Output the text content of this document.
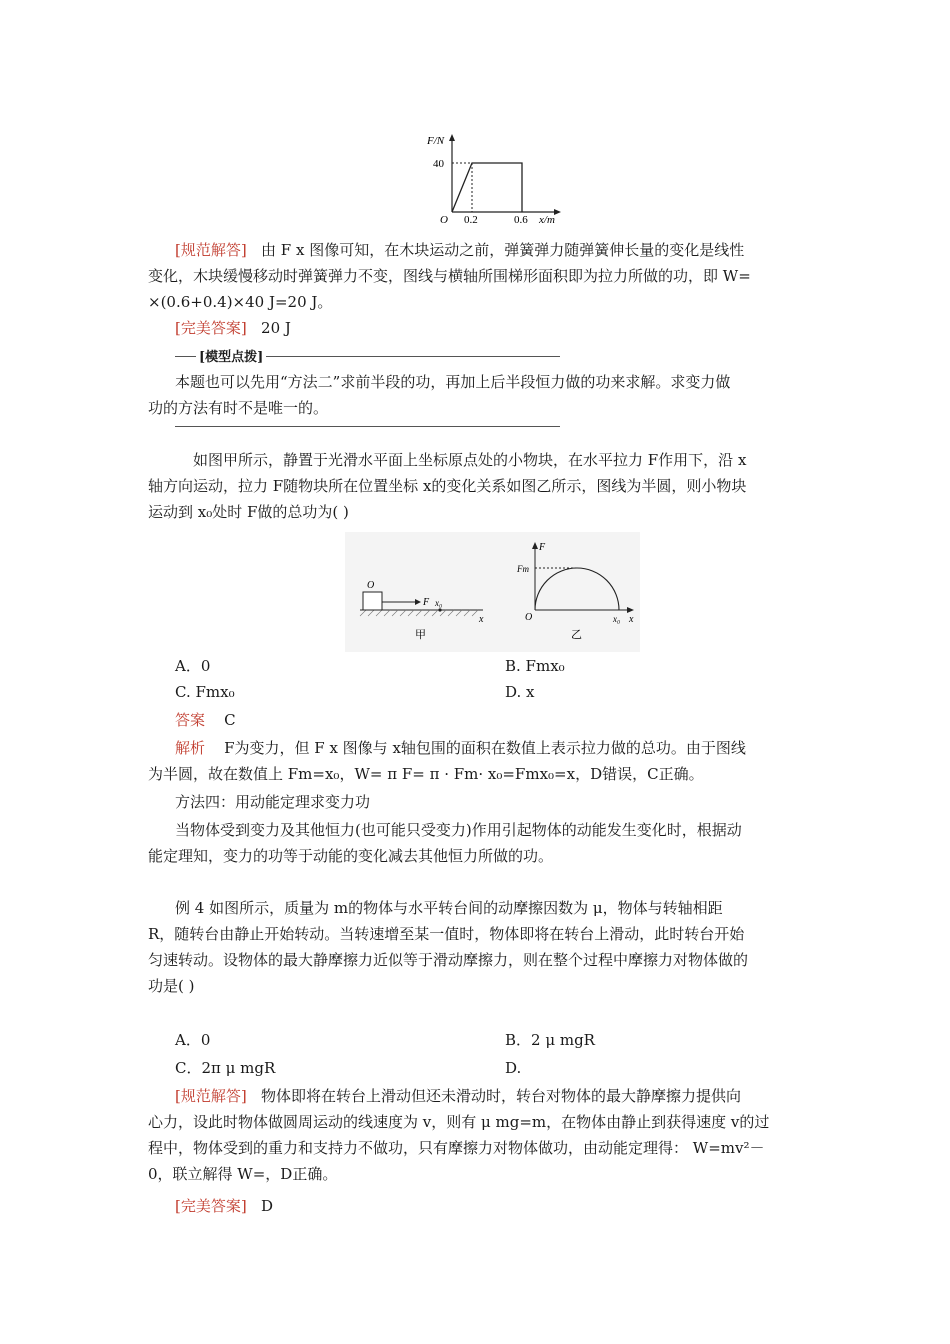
F/N
40
O 0.2	0.6 x/m
[规范解答] 由 F x 图像可知，在木块运动之前，弹簧弹力随弹簧伸长量的变化是线性
变化，木块缓慢移动时弹簧弹力不变，图线与横轴所围梯形面积即为拉力所做的功，即 W=
×(0.6+0.4)×40 J=20 J。
[完美答案] 20 J
[模型点拨]
本题也可以先用“方法二”求前半段的功，再加上后半段恒力做的功来求解。求变力做
功的方法有时不是唯一的。
如图甲所示，静置于光滑水平面上坐标原点处的小物块，在水平拉力 F作用下，沿 x
轴方向运动，拉力 F随物块所在位置坐标 x的变化关系如图乙所示，图线为半圆，则小物块
运动到 x₀处时 F做的总功为( )
O
F x₀
x
甲
F
Fm
O	x₀ x
乙
A．0	B. Fmx₀
C. Fmx₀	D. x
答案 C
解析 F为变力，但 F x 图像与 x轴包围的面积在数值上表示拉力做的总功。由于图线
为半圆，故在数值上 Fm=x₀，W= π F= π · Fm· x₀=Fmx₀=x，D错误，C正确。
方法四：用动能定理求变力功
当物体受到变力及其他恒力(也可能只受变力)作用引起物体的动能发生变化时，根据动
能定理知，变力的功等于动能的变化减去其他恒力所做的功。
例 4 如图所示，质量为 m的物体与水平转台间的动摩擦因数为 μ，物体与转轴相距
R，随转台由静止开始转动。当转速增至某一值时，物体即将在转台上滑动，此时转台开始
匀速转动。设物体的最大静摩擦力近似等于滑动摩擦力，则在整个过程中摩擦力对物体做的
功是( )
A．0	B．2 μ mgR
C．2π μ mgR	D.
[规范解答] 物体即将在转台上滑动但还未滑动时，转台对物体的最大静摩擦力提供向
心力，设此时物体做圆周运动的线速度为 v，则有 μ mg=m，在物体由静止到获得速度 v的过
程中，物体受到的重力和支持力不做功，只有摩擦力对物体做功，由动能定理得： W=mv²－
0，联立解得 W=，D正确。
[完美答案] D
